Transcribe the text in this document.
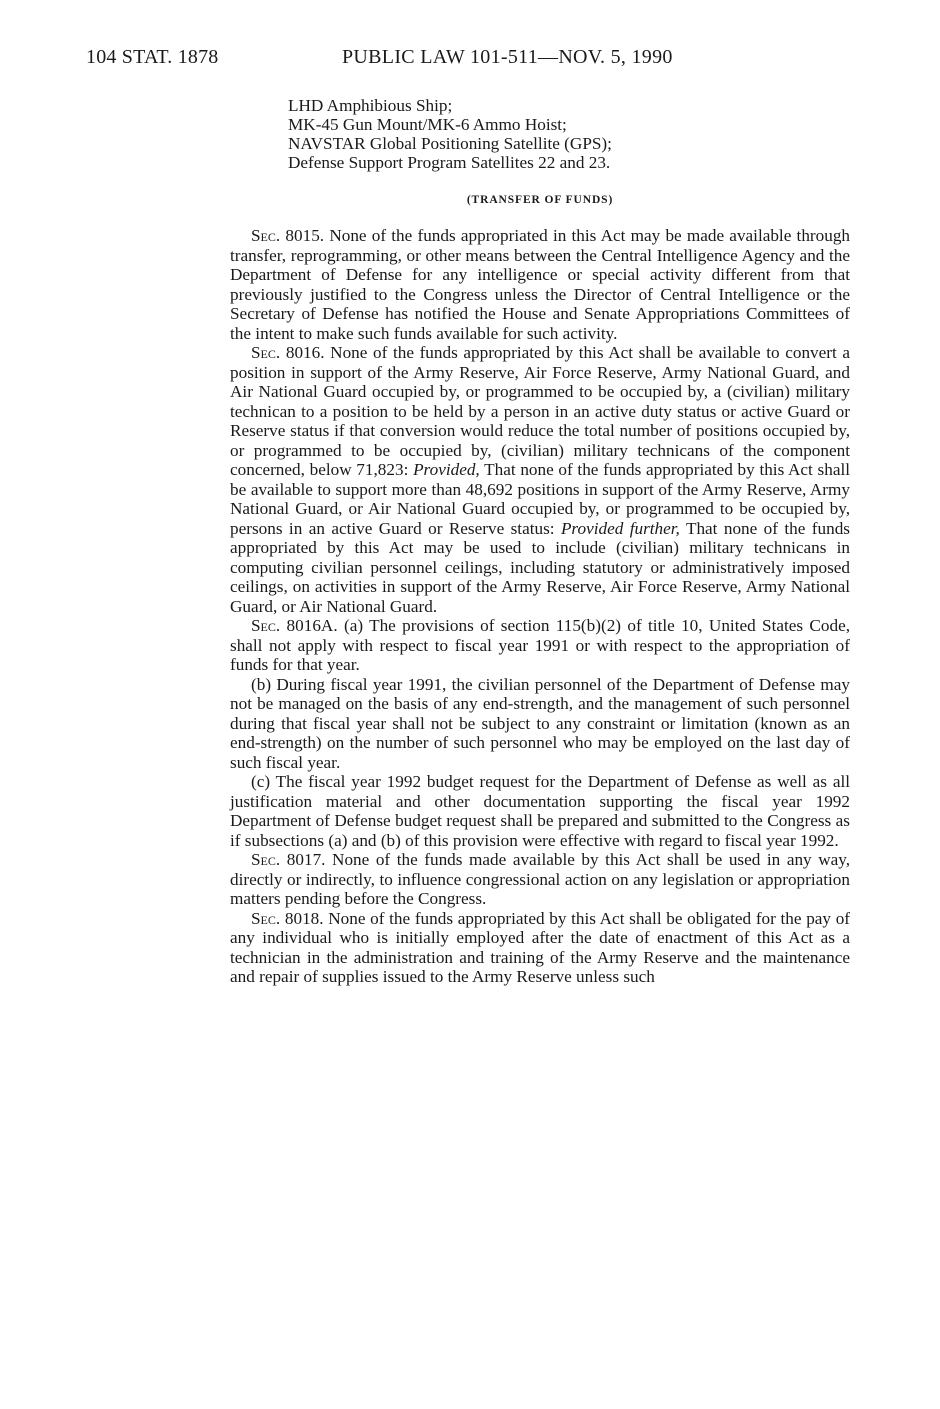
104 STAT. 1878	PUBLIC LAW 101-511—NOV. 5, 1990
LHD Amphibious Ship;
MK-45 Gun Mount/MK-6 Ammo Hoist;
NAVSTAR Global Positioning Satellite (GPS);
Defense Support Program Satellites 22 and 23.
(TRANSFER OF FUNDS)

Sec. 8015. None of the funds appropriated in this Act may be made available through transfer, reprogramming, or other means between the Central Intelligence Agency and the Department of Defense for any intelligence or special activity different from that previously justified to the Congress unless the Director of Central Intelligence or the Secretary of Defense has notified the House and Senate Appropriations Committees of the intent to make such funds available for such activity.

Sec. 8016. None of the funds appropriated by this Act shall be available to convert a position in support of the Army Reserve, Air Force Reserve, Army National Guard, and Air National Guard occupied by, or programmed to be occupied by, a (civilian) military technican to a position to be held by a person in an active duty status or active Guard or Reserve status if that conversion would reduce the total number of positions occupied by, or programmed to be occupied by, (civilian) military technicans of the component concerned, below 71,823: Provided, That none of the funds appropriated by this Act shall be available to support more than 48,692 positions in support of the Army Reserve, Army National Guard, or Air National Guard occupied by, or programmed to be occupied by, persons in an active Guard or Reserve status: Provided further, That none of the funds appropriated by this Act may be used to include (civilian) military technicans in computing civilian personnel ceilings, including statutory or administratively imposed ceilings, on activities in support of the Army Reserve, Air Force Reserve, Army National Guard, or Air National Guard.

Sec. 8016A. (a) The provisions of section 115(b)(2) of title 10, United States Code, shall not apply with respect to fiscal year 1991 or with respect to the appropriation of funds for that year.

(b) During fiscal year 1991, the civilian personnel of the Department of Defense may not be managed on the basis of any end-strength, and the management of such personnel during that fiscal year shall not be subject to any constraint or limitation (known as an end-strength) on the number of such personnel who may be employed on the last day of such fiscal year.

(c) The fiscal year 1992 budget request for the Department of Defense as well as all justification material and other documentation supporting the fiscal year 1992 Department of Defense budget request shall be prepared and submitted to the Congress as if subsections (a) and (b) of this provision were effective with regard to fiscal year 1992.

Sec. 8017. None of the funds made available by this Act shall be used in any way, directly or indirectly, to influence congressional action on any legislation or appropriation matters pending before the Congress.

Sec. 8018. None of the funds appropriated by this Act shall be obligated for the pay of any individual who is initially employed after the date of enactment of this Act as a technician in the administration and training of the Army Reserve and the maintenance and repair of supplies issued to the Army Reserve unless such
